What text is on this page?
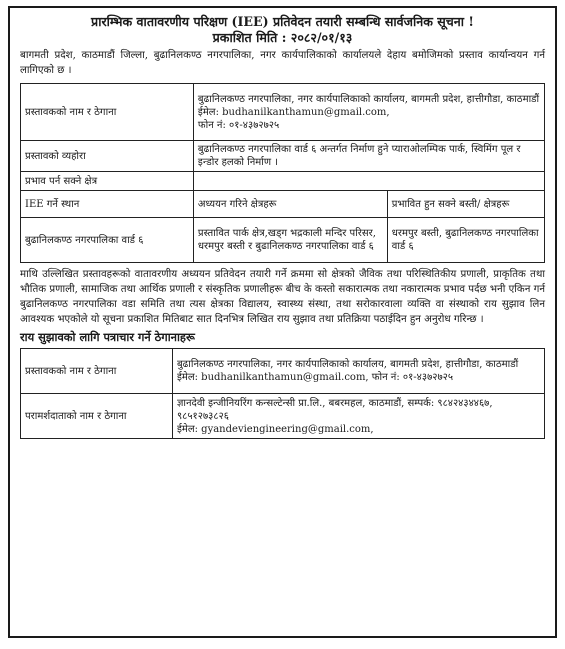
प्रारम्भिक वातावरणीय परिक्षण (IEE) प्रतिवेदन तयारी सम्बन्धि सार्वजनिक सूचना !
प्रकाशित मिति : २०८२/०१/१३
बागमती प्रदेश, काठमाडौं जिल्ला, बुढानिलकण्ठ नगरपालिका, नगर कार्यपालिकाको कार्यालयले देहाय बमोजिमको प्रस्ताव कार्यान्वयन गर्न लागिएको छ ।
प्रस्तावकको नाम र ठेगाना	बुढानिलकण्ठ नगरपालिका, नगर कार्यपालिकाको कार्यालय, बागमती प्रदेश, हात्तीगौडा, काठमाडौं
ईमेल: budhanilkanthamun@gmail.com,
फोन नं: ०१-४३७२७२५	

प्रस्तावको व्यहोरा	बुढानिलकण्ठ नगरपालिका वार्ड ६ अन्तर्गत निर्माण हुने प्याराओलम्पिक पार्क, स्विमिंग पूल र इन्डोर हलको निर्माण ।	
प्रभाव पर्न सक्ने क्षेत्र		
IEE गर्ने स्थान	अध्ययन गरिने क्षेत्रहरू	प्रभावित हुन सक्ने बस्ती/ क्षेत्रहरू
बुढानिलकण्ठ नगरपालिका वार्ड ६	प्रस्तावित पार्क क्षेत्र,खड्ग भद्रकाली मन्दिर परिसर, धरमपुर बस्ती र बुढानिलकण्ठ नगरपालिका वार्ड ६	धरमपुर बस्ती, बुढानिलकण्ठ नगरपालिका वार्ड ६
माथि उल्लिखित प्रस्तावहरूको वातावरणीय अध्ययन प्रतिवेदन तयारी गर्ने क्रममा सो क्षेत्रको जैविक तथा परिस्थितिकीय प्रणाली, प्राकृतिक तथा भौतिक प्रणाली, सामाजिक तथा आर्थिक प्रणाली र संस्कृतिक प्रणालीहरू बीच के कस्तो सकारात्मक तथा नकारात्मक प्रभाव पर्दछ भनी एकिन गर्न बुढानिलकण्ठ नगरपालिका वडा समिति तथा त्यस क्षेत्रका विद्यालय, स्वास्थ्य संस्था, तथा सरोकारवाला व्यक्ति वा संस्थाको राय सुझाव लिन आवश्यक भएकोले यो सूचना प्रकाशित मितिबाट सात दिनभित्र लिखित राय सुझाव तथा प्रतिक्रिया पठाईदिन हुन अनुरोध गरिन्छ ।
राय सुझावको लागि पत्राचार गर्ने ठेगानाहरू
प्रस्तावकको नाम र ठेगाना	बुढानिलकण्ठ नगरपालिका, नगर कार्यपालिकाको कार्यालय, बागमती प्रदेश, हात्तीगौडा, काठमाडौं
ईमेल: budhanilkanthamun@gmail.com, फोन नं: ०१-४३७२७२५

परामर्शदाताको नाम र ठेगाना	ज्ञानदेवी इन्जीनियरिंग कन्सल्टेन्सी प्रा.लि., बबरमहल, काठमाडौं, सम्पर्क: ९८४२४३४४६७, ९८५१२७३८२६
ईमेल: gyandeviengineering@gmail.com,
